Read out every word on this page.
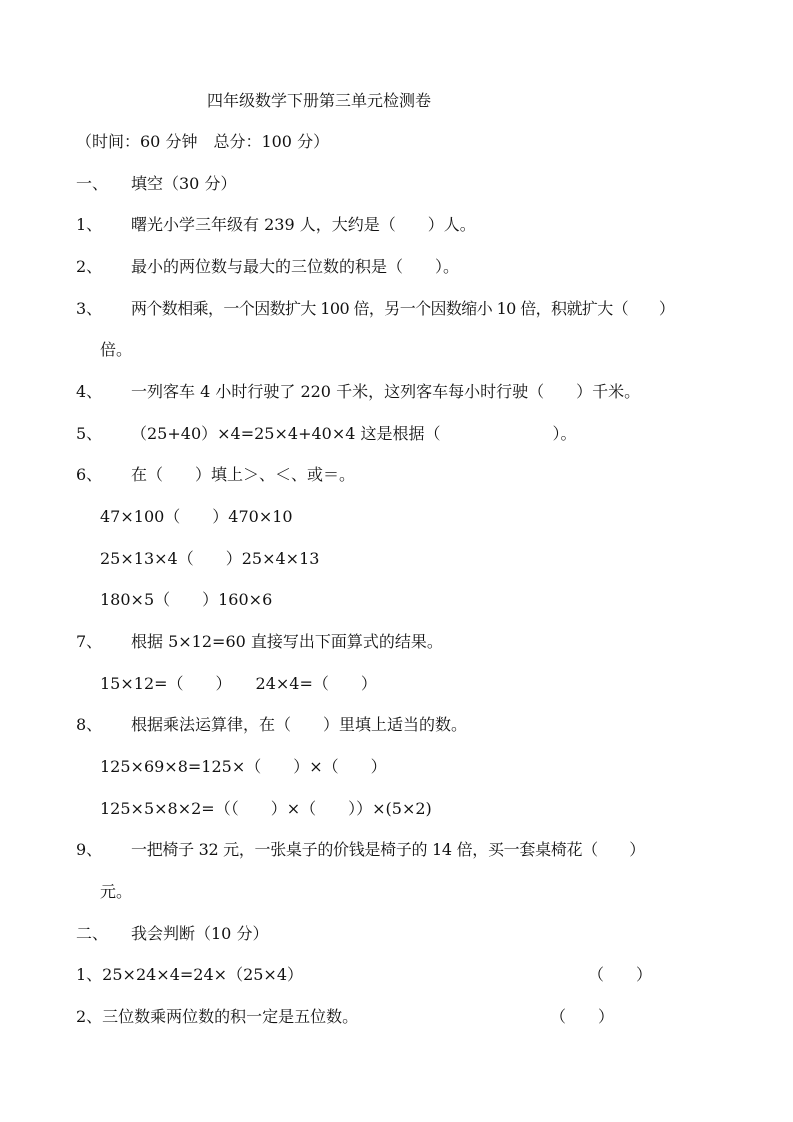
四年级数学下册第三单元检测卷
（时间：60 分钟　总分：100 分）
一、 填空（30 分）
1、 曙光小学三年级有 239 人，大约是（　　）人。
2、 最小的两位数与最大的三位数的积是（　　）。
3、 两个数相乘，一个因数扩大 100 倍，另一个因数缩小 10 倍，积就扩大（　　）
倍。
4、 一列客车 4 小时行驶了 220 千米，这列客车每小时行驶（　　）千米。
5、 （25+40）×4=25×4+40×4 这是根据（　　　　　　　）。
6、 在（　　）填上＞、＜、或＝。
47×100（　　）470×10
25×13×4（　　）25×4×13
180×5（　　）160×6
7、 根据 5×12=60 直接写出下面算式的结果。
15×12=（　　）　　24×4=（　　）
8、 根据乘法运算律，在（　　）里填上适当的数。
125×69×8=125×（　　）×（　　）
125×5×8×2=（（　　）×（　　））×(5×2)
9、 一把椅子 32 元，一张桌子的价钱是椅子的 14 倍，买一套桌椅花（　　）
元。
二、 我会判断（10 分）
1、25×24×4=24×（25×4）	（　　）
2、三位数乘两位数的积一定是五位数。	（　　）
